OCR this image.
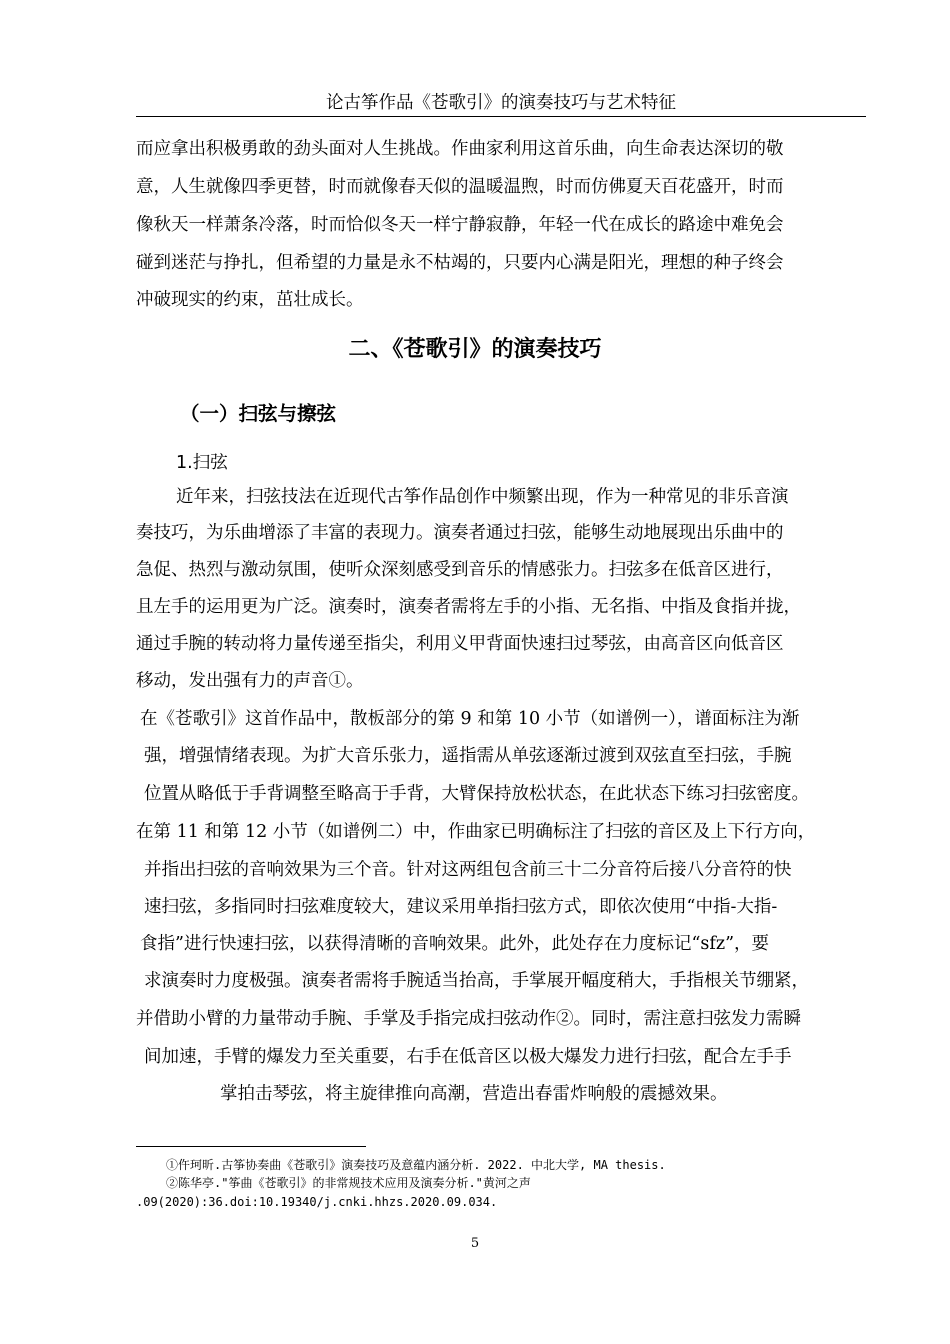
论古筝作品《苍歌引》的演奏技巧与艺术特征
而应拿出积极勇敢的劲头面对人生挑战。作曲家利用这首乐曲，向生命表达深切的敬
意，人生就像四季更替，时而就像春天似的温暖温煦，时而仿佛夏天百花盛开，时而
像秋天一样萧条冷落，时而恰似冬天一样宁静寂静，年轻一代在成长的路途中难免会
碰到迷茫与挣扎，但希望的力量是永不枯竭的，只要内心满是阳光，理想的种子终会
冲破现实的约束，茁壮成长。
二、《苍歌引》的演奏技巧
（一）扫弦与擦弦
1.扫弦
近年来，扫弦技法在近现代古筝作品创作中频繁出现，作为一种常见的非乐音演
奏技巧，为乐曲增添了丰富的表现力。演奏者通过扫弦，能够生动地展现出乐曲中的
急促、热烈与激动氛围，使听众深刻感受到音乐的情感张力。扫弦多在低音区进行，
且左手的运用更为广泛。演奏时，演奏者需将左手的小指、无名指、中指及食指并拢，
通过手腕的转动将力量传递至指尖，利用义甲背面快速扫过琴弦，由高音区向低音区
移动，发出强有力的声音①。
在《苍歌引》这首作品中，散板部分的第 9 和第 10 小节（如谱例一），谱面标注为渐
强，增强情绪表现。为扩大音乐张力，遥指需从单弦逐渐过渡到双弦直至扫弦，手腕
位置从略低于手背调整至略高于手背，大臂保持放松状态，在此状态下练习扫弦密度。
在第 11 和第 12 小节（如谱例二）中，作曲家已明确标注了扫弦的音区及上下行方向，
并指出扫弦的音响效果为三个音。针对这两组包含前三十二分音符后接八分音符的快
速扫弦，多指同时扫弦难度较大，建议采用单指扫弦方式，即依次使用“中指-大指-
食指”进行快速扫弦，以获得清晰的音响效果。此外，此处存在力度标记“sfz”，要
求演奏时力度极强。演奏者需将手腕适当抬高，手掌展开幅度稍大，手指根关节绷紧，
并借助小臂的力量带动手腕、手掌及手指完成扫弦动作②。同时，需注意扫弦发力需瞬
间加速，手臂的爆发力至关重要，右手在低音区以极大爆发力进行扫弦，配合左手手
掌拍击琴弦，将主旋律推向高潮，营造出春雷炸响般的震撼效果。
①仵珂昕.古筝协奏曲《苍歌引》演奏技巧及意蕴内涵分析. 2022. 中北大学, MA thesis.
②陈华亭."筝曲《苍歌引》的非常规技术应用及演奏分析."黄河之声
.09(2020):36.doi:10.19340/j.cnki.hhzs.2020.09.034.
5
